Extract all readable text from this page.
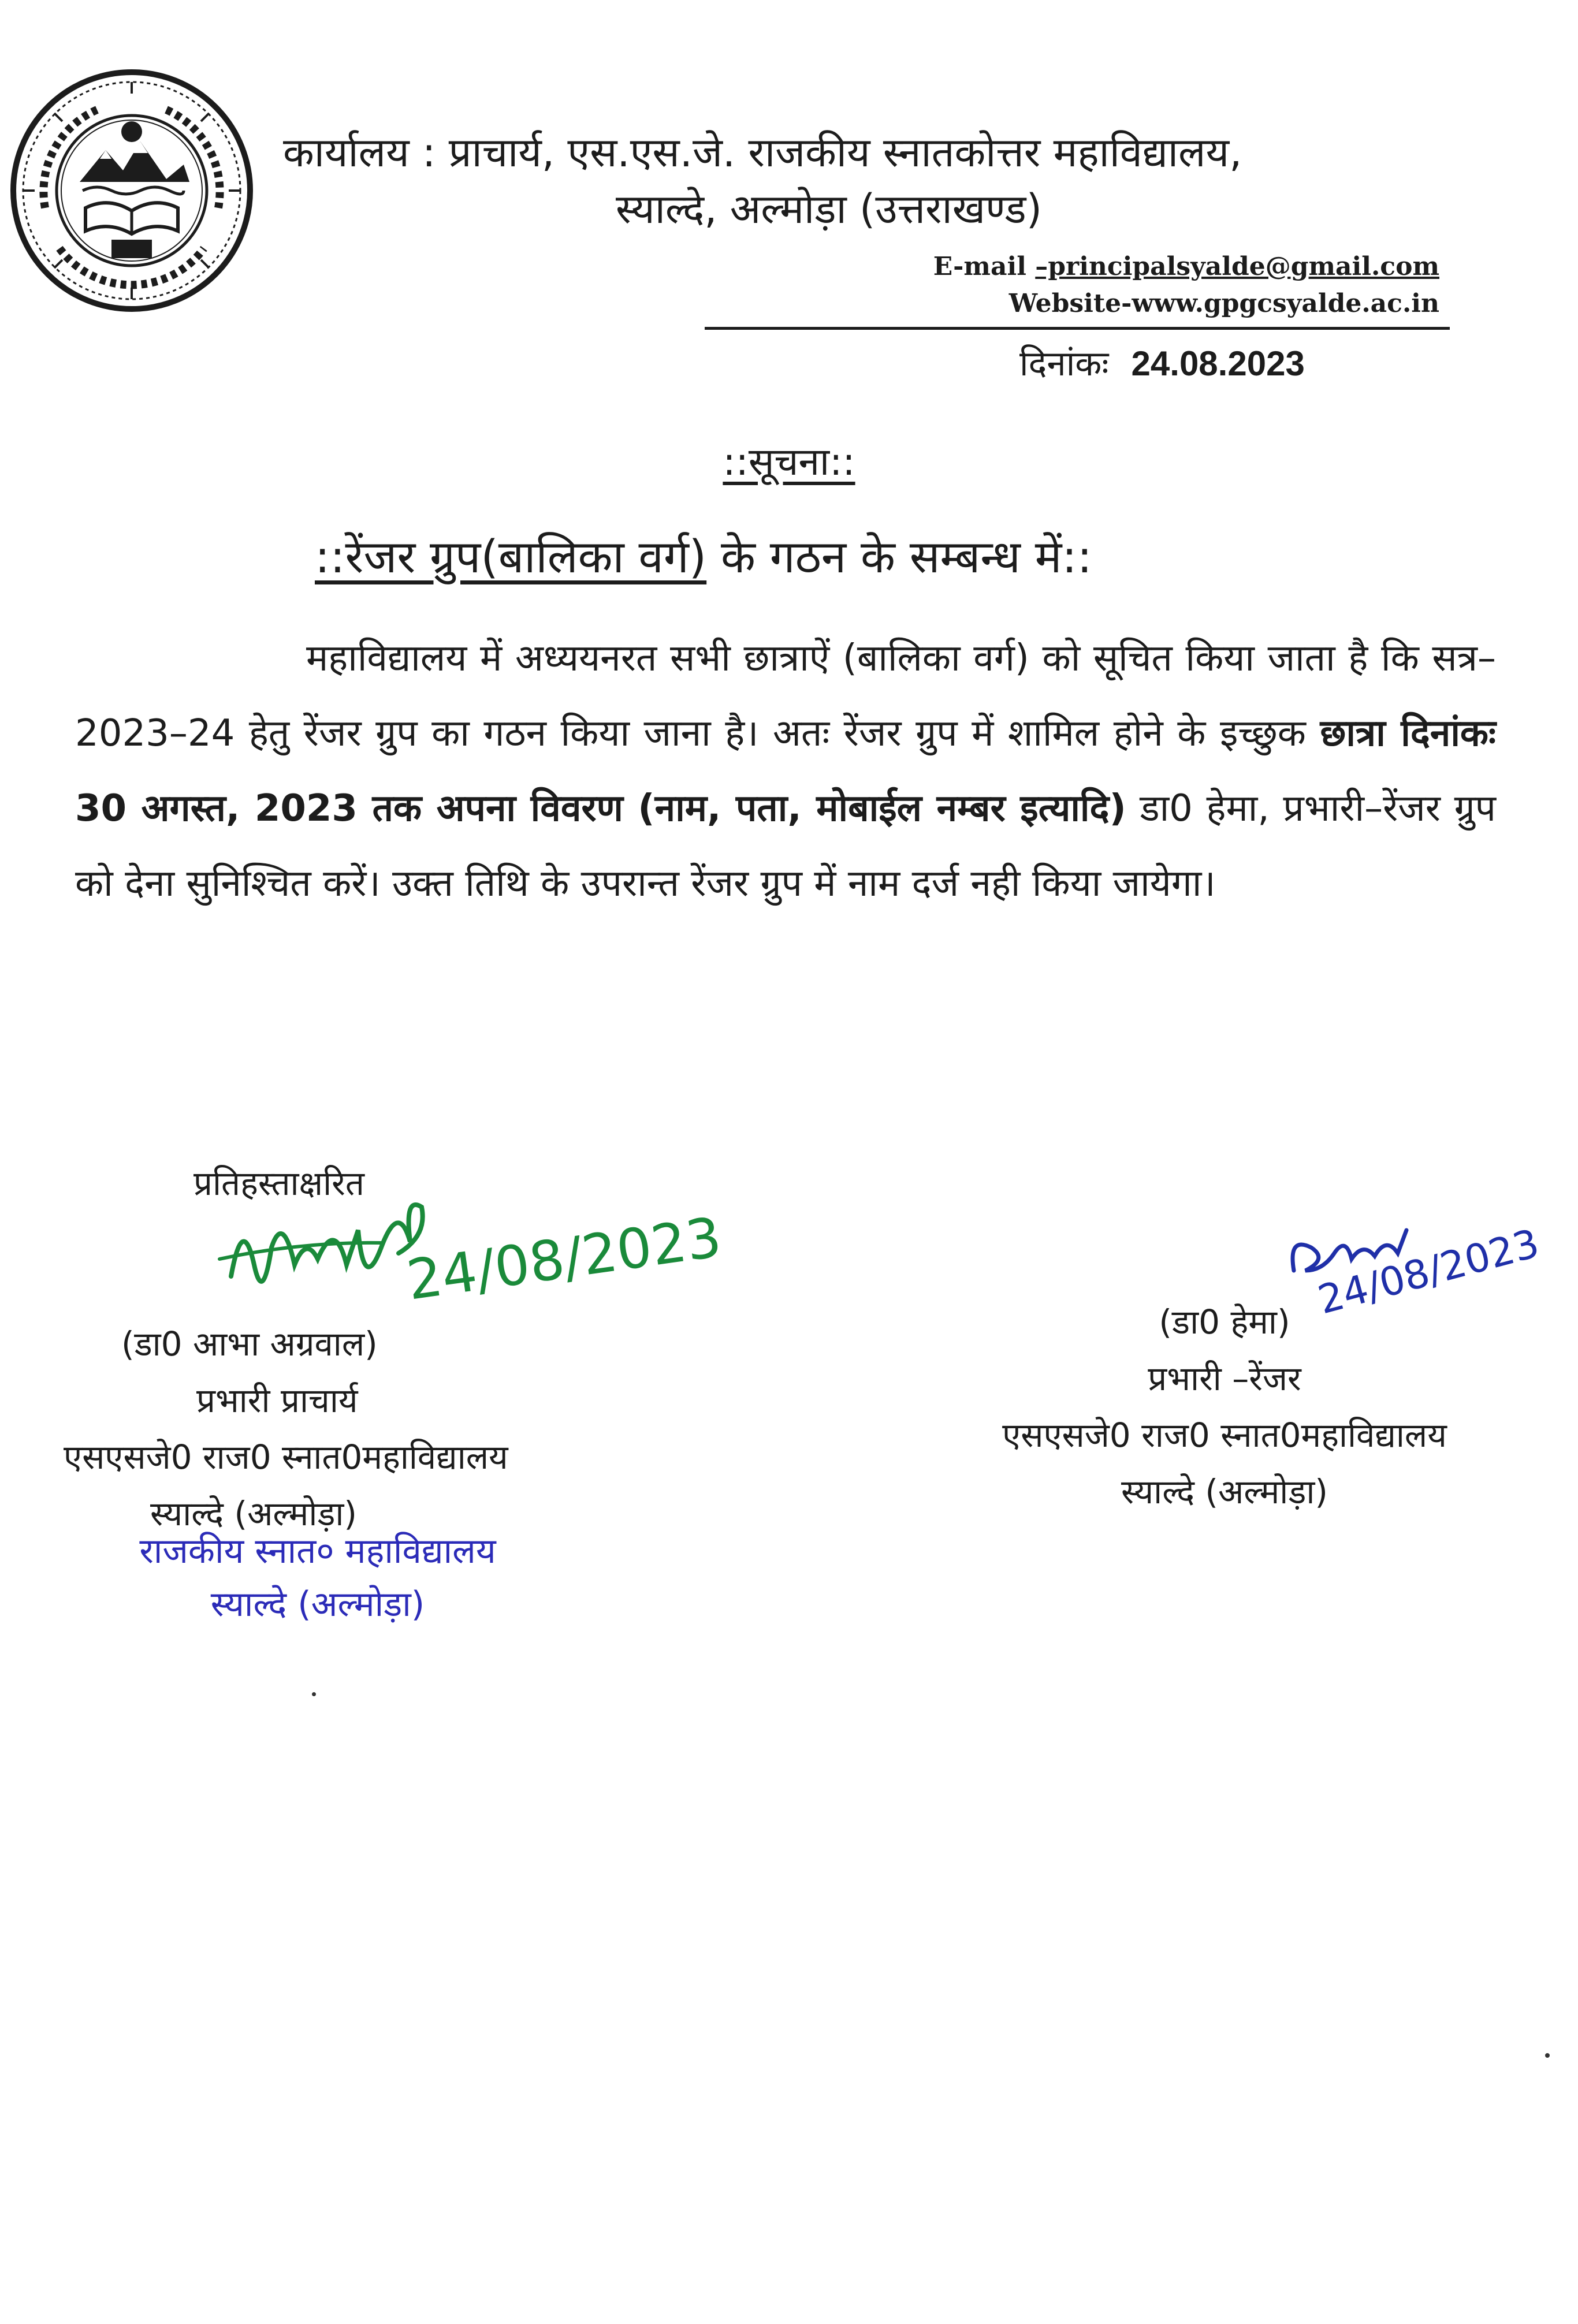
कार्यालय : प्राचार्य, एस.एस.जे. राजकीय स्नातकोत्तर महाविद्यालय,
स्याल्दे, अल्मोड़ा (उत्तराखण्ड)
E-mail –principalsyalde@gmail.com
Website-www.gpgcsyalde.ac.in
दिनांकः 24.08.2023
::सूचना::
::रेंजर ग्रुप(बालिका वर्ग) के गठन के सम्बन्ध में::
महाविद्यालय में अध्ययनरत सभी छात्राऐं (बालिका वर्ग) को सूचित किया जाता है कि सत्र– 2023–24 हेतु रेंजर ग्रुप का गठन किया जाना है। अतः रेंजर ग्रुप में शामिल होने के इच्छुक छात्रा दिनांकः 30 अगस्त, 2023 तक अपना विवरण (नाम, पता, मोबाईल नम्बर इत्यादि) डा0 हेमा, प्रभारी–रेंजर ग्रुप को देना सुनिश्चित करें। उक्त तिथि के उपरान्त रेंजर ग्रुप में नाम दर्ज नही किया जायेगा।
प्रतिहस्ताक्षरित
(डा0 आभा अग्रवाल)
प्रभारी प्राचार्य
एसएसजे0 राज0 स्नात0महाविद्यालय
स्याल्दे (अल्मोड़ा)
24/08/2023
राजकीय स्नात० महाविद्यालय
स्याल्दे (अल्मोड़ा)
24/08/2023
(डा0 हेमा)
प्रभारी –रेंजर
एसएसजे0 राज0 स्नात0महाविद्यालय
स्याल्दे (अल्मोड़ा)
